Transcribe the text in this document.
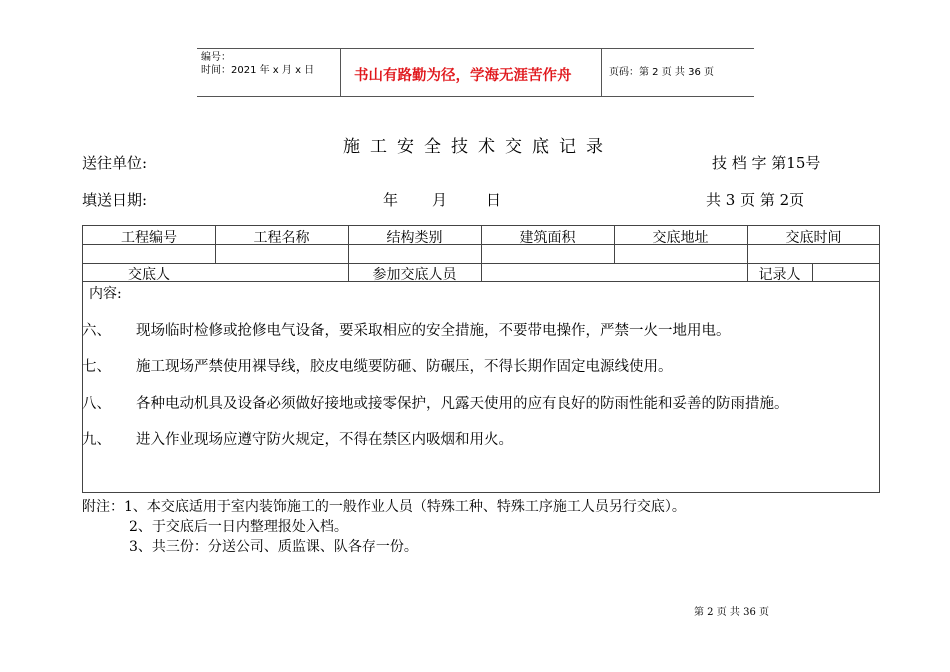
编号：
时间：2021 年 x 月 x 日	书山有路勤为径，学海无涯苦作舟	页码：第 2 页 共 36 页
施工安全技术交底记录
送往单位:	技 档 字 第15号
填送日期:	年 月	日	共 3 页 第 2页
工程编号	工程名称	结构类别	建筑面积	交底地址	交底时间
交底人	参加交底人员	记录人
内容:
六、 现场临时检修或抢修电气设备，要采取相应的安全措施，不要带电操作，严禁一火一地用电。
七、 施工现场严禁使用裸导线，胶皮电缆要防砸、防碾压，不得长期作固定电源线使用。
八、 各种电动机具及设备必须做好接地或接零保护，凡露天使用的应有良好的防雨性能和妥善的防雨措施。
九、 进入作业现场应遵守防火规定，不得在禁区内吸烟和用火。
附注：1、本交底适用于室内装饰施工的一般作业人员（特殊工种、特殊工序施工人员另行交底）。
2、于交底后一日内整理报处入档。
3、共三份：分送公司、质监课、队各存一份。
第 2 页 共 36 页
